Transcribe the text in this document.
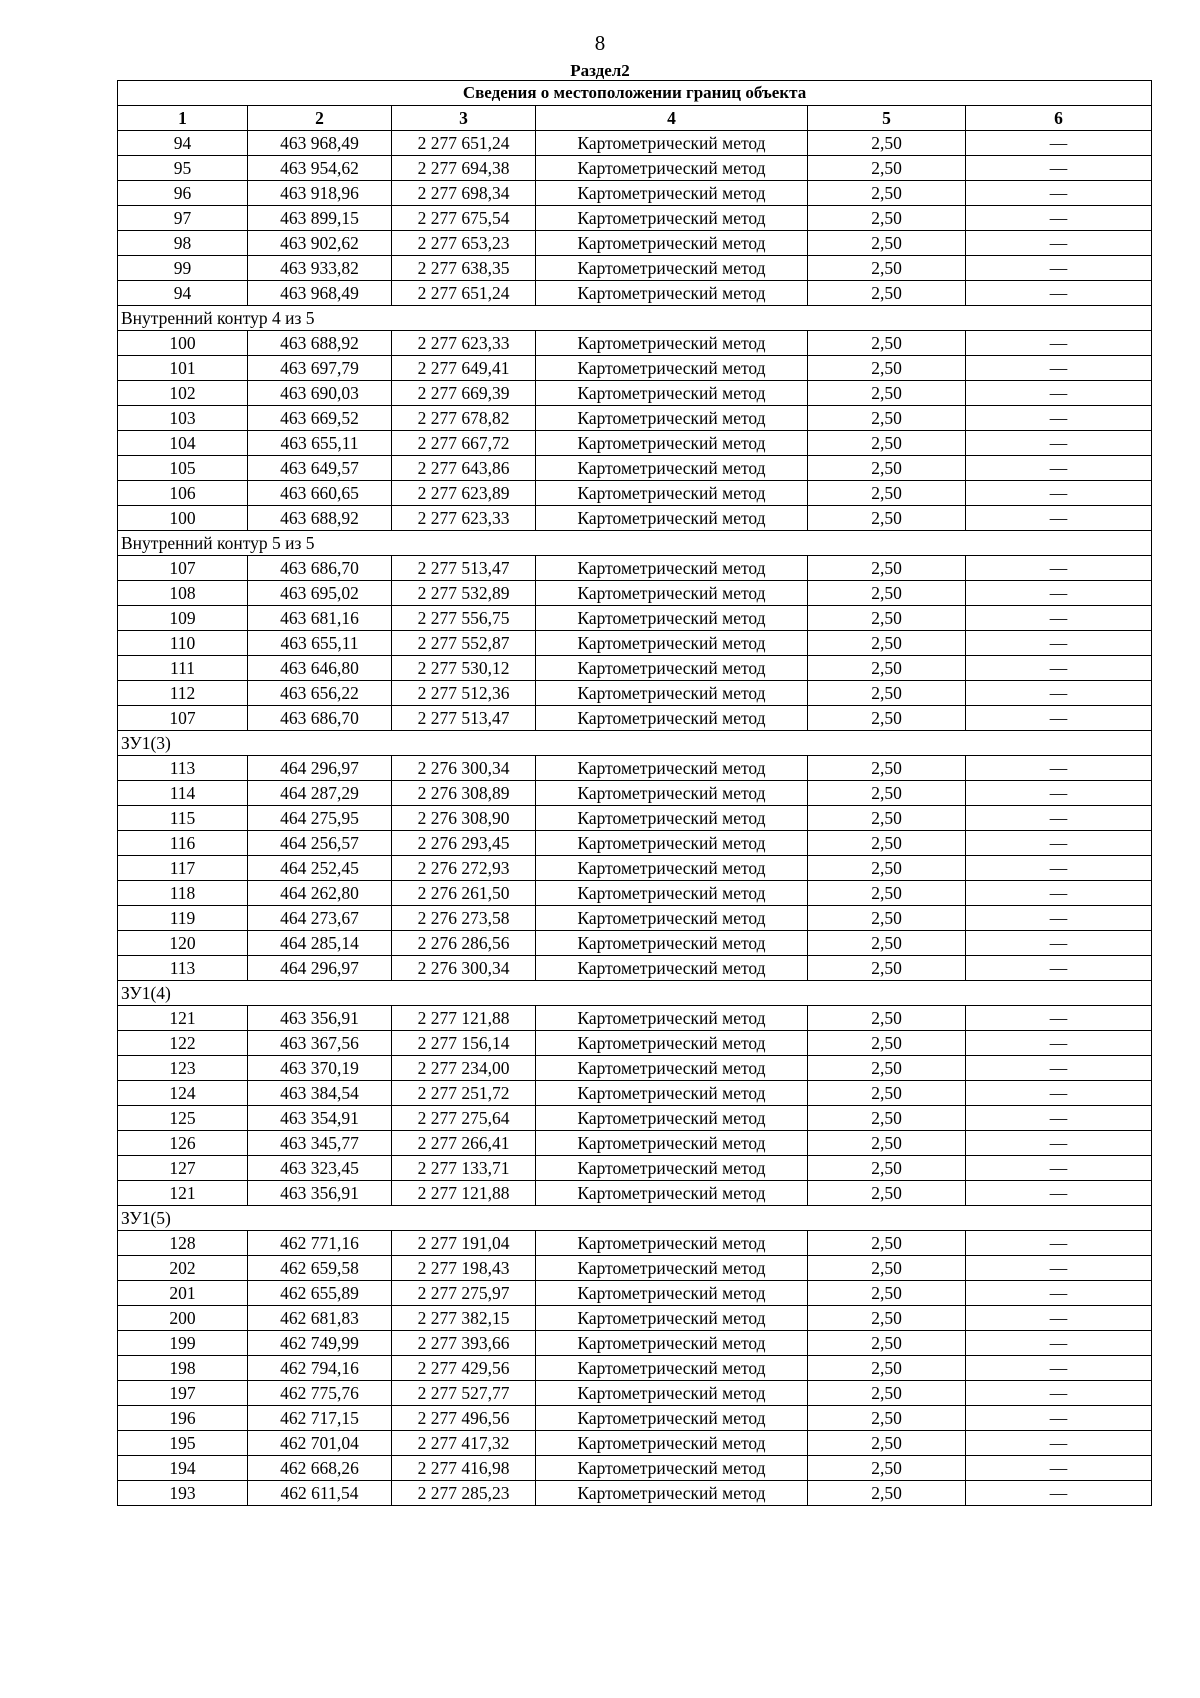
8
Раздел2
Сведения о местоположении границ объекта					
1	2	3	4	5	6
94	463 968,49	2 277 651,24	Картометрический метод	2,50	—
95	463 954,62	2 277 694,38	Картометрический метод	2,50	—
96	463 918,96	2 277 698,34	Картометрический метод	2,50	—
97	463 899,15	2 277 675,54	Картометрический метод	2,50	—
98	463 902,62	2 277 653,23	Картометрический метод	2,50	—
99	463 933,82	2 277 638,35	Картометрический метод	2,50	—
94	463 968,49	2 277 651,24	Картометрический метод	2,50	—
Внутренний контур 4 из 5					
100	463 688,92	2 277 623,33	Картометрический метод	2,50	—
101	463 697,79	2 277 649,41	Картометрический метод	2,50	—
102	463 690,03	2 277 669,39	Картометрический метод	2,50	—
103	463 669,52	2 277 678,82	Картометрический метод	2,50	—
104	463 655,11	2 277 667,72	Картометрический метод	2,50	—
105	463 649,57	2 277 643,86	Картометрический метод	2,50	—
106	463 660,65	2 277 623,89	Картометрический метод	2,50	—
100	463 688,92	2 277 623,33	Картометрический метод	2,50	—
Внутренний контур 5 из 5					
107	463 686,70	2 277 513,47	Картометрический метод	2,50	—
108	463 695,02	2 277 532,89	Картометрический метод	2,50	—
109	463 681,16	2 277 556,75	Картометрический метод	2,50	—
110	463 655,11	2 277 552,87	Картометрический метод	2,50	—
111	463 646,80	2 277 530,12	Картометрический метод	2,50	—
112	463 656,22	2 277 512,36	Картометрический метод	2,50	—
107	463 686,70	2 277 513,47	Картометрический метод	2,50	—
ЗУ1(3)					
113	464 296,97	2 276 300,34	Картометрический метод	2,50	—
114	464 287,29	2 276 308,89	Картометрический метод	2,50	—
115	464 275,95	2 276 308,90	Картометрический метод	2,50	—
116	464 256,57	2 276 293,45	Картометрический метод	2,50	—
117	464 252,45	2 276 272,93	Картометрический метод	2,50	—
118	464 262,80	2 276 261,50	Картометрический метод	2,50	—
119	464 273,67	2 276 273,58	Картометрический метод	2,50	—
120	464 285,14	2 276 286,56	Картометрический метод	2,50	—
113	464 296,97	2 276 300,34	Картометрический метод	2,50	—
ЗУ1(4)					
121	463 356,91	2 277 121,88	Картометрический метод	2,50	—
122	463 367,56	2 277 156,14	Картометрический метод	2,50	—
123	463 370,19	2 277 234,00	Картометрический метод	2,50	—
124	463 384,54	2 277 251,72	Картометрический метод	2,50	—
125	463 354,91	2 277 275,64	Картометрический метод	2,50	—
126	463 345,77	2 277 266,41	Картометрический метод	2,50	—
127	463 323,45	2 277 133,71	Картометрический метод	2,50	—
121	463 356,91	2 277 121,88	Картометрический метод	2,50	—
ЗУ1(5)					
128	462 771,16	2 277 191,04	Картометрический метод	2,50	—
202	462 659,58	2 277 198,43	Картометрический метод	2,50	—
201	462 655,89	2 277 275,97	Картометрический метод	2,50	—
200	462 681,83	2 277 382,15	Картометрический метод	2,50	—
199	462 749,99	2 277 393,66	Картометрический метод	2,50	—
198	462 794,16	2 277 429,56	Картометрический метод	2,50	—
197	462 775,76	2 277 527,77	Картометрический метод	2,50	—
196	462 717,15	2 277 496,56	Картометрический метод	2,50	—
195	462 701,04	2 277 417,32	Картометрический метод	2,50	—
194	462 668,26	2 277 416,98	Картометрический метод	2,50	—
193	462 611,54	2 277 285,23	Картометрический метод	2,50	—
